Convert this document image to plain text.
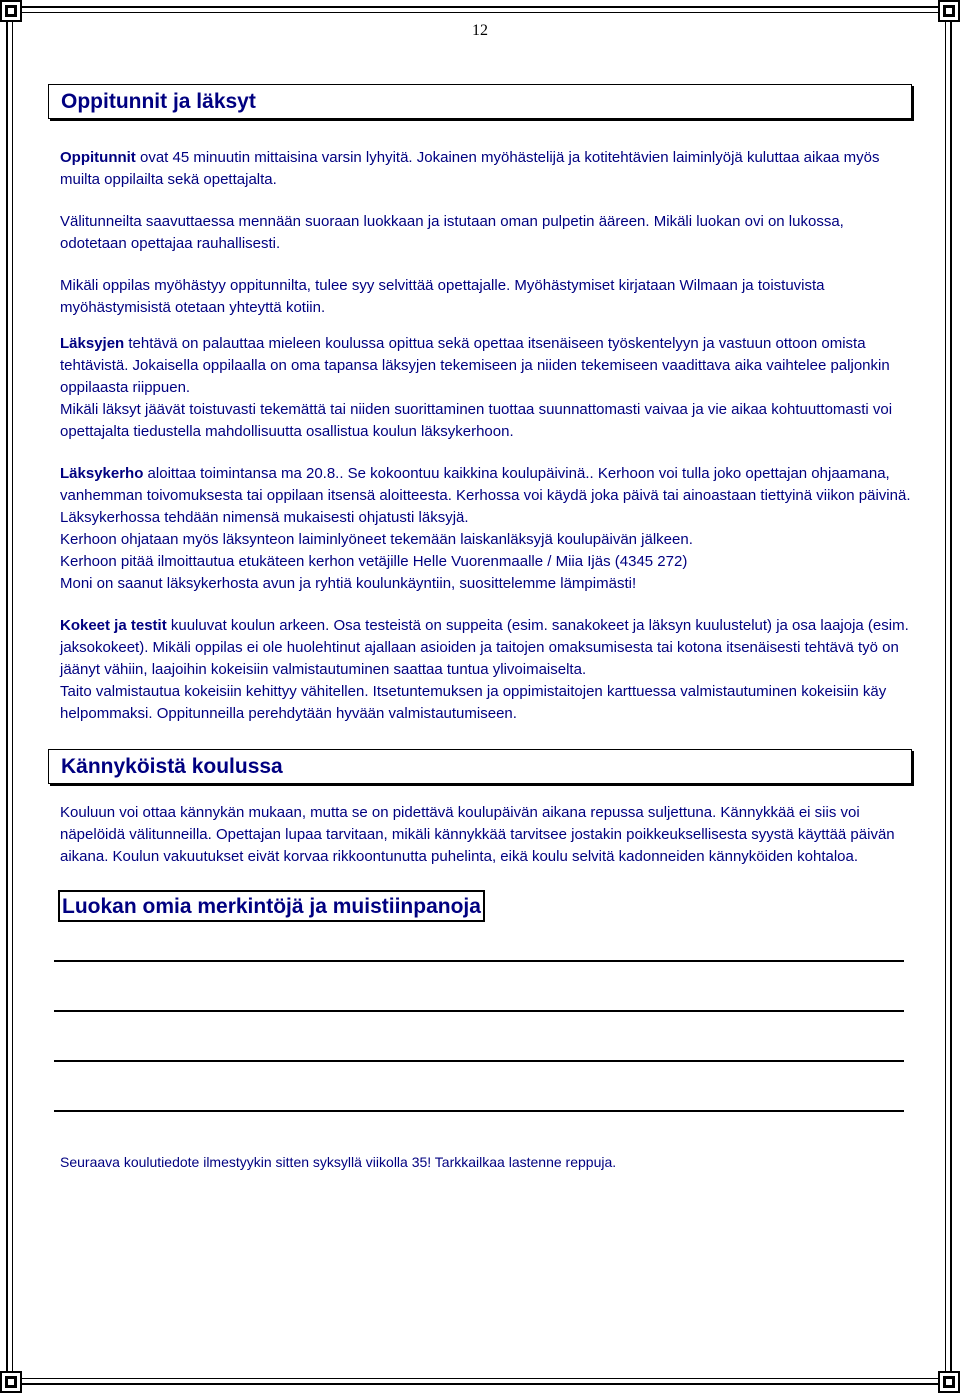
12
Oppitunnit ja läksyt

Oppitunnit ovat 45 minuutin mittaisina varsin lyhyitä. Jokainen myöhästelijä ja kotitehtävien laiminlyöjä kuluttaa aikaa myös muilta oppilailta sekä opettajalta.

Välitunneilta saavuttaessa mennään suoraan luokkaan ja istutaan oman pulpetin ääreen. Mikäli luokan ovi on lukossa, odotetaan opettajaa rauhallisesti.

Mikäli oppilas myöhästyy oppitunnilta, tulee syy selvittää opettajalle. Myöhästymiset kirjataan Wilmaan ja toistuvista myöhästymisistä otetaan yhteyttä kotiin.

Läksyjen tehtävä on palauttaa mieleen koulussa opittua sekä opettaa itsenäiseen työskentelyyn ja vastuun ottoon omista tehtävistä. Jokaisella oppilaalla on oma tapansa läksyjen tekemiseen ja niiden tekemiseen vaadittava aika vaihtelee paljonkin oppilaasta riippuen.

Mikäli läksyt jäävät toistuvasti tekemättä tai niiden suorittaminen tuottaa suunnattomasti vaivaa ja vie aikaa kohtuuttomasti voi opettajalta tiedustella mahdollisuutta osallistua koulun läksykerhoon.

Läksykerho aloittaa toimintansa ma 20.8.. Se kokoontuu kaikkina koulupäivinä.. Kerhoon voi tulla joko opettajan ohjaamana, vanhemman toivomuksesta tai oppilaan itsensä aloitteesta. Kerhossa voi käydä joka päivä tai ainoastaan tiettyinä viikon päivinä.

Läksykerhossa tehdään nimensä mukaisesti ohjatusti läksyjä.

Kerhoon ohjataan myös läksynteon laiminlyöneet tekemään laiskanläksyjä koulupäivän jälkeen.

Kerhoon pitää ilmoittautua etukäteen kerhon vetäjille Helle Vuorenmaalle / Miia Ijäs (4345 272)

Moni on saanut läksykerhosta avun ja ryhtiä koulunkäyntiin, suosittelemme lämpimästi!

Kokeet ja testit kuuluvat koulun arkeen. Osa testeistä on suppeita (esim. sanakokeet ja läksyn kuulustelut) ja osa laajoja (esim. jaksokokeet). Mikäli oppilas ei ole huolehtinut ajallaan asioiden ja taitojen omaksumisesta tai kotona itsenäisesti tehtävä työ on jäänyt vähiin, laajoihin kokeisiin valmistautuminen saattaa tuntua ylivoimaiselta.

Taito valmistautua kokeisiin kehittyy vähitellen. Itsetuntemuksen ja oppimistaitojen karttuessa valmistautuminen kokeisiin käy helpommaksi. Oppitunneilla perehdytään hyvään valmistautumiseen.

Kännyköistä koulussa

Kouluun voi ottaa kännykän mukaan, mutta se on pidettävä koulupäivän aikana repussa suljettuna. Kännykkää ei siis voi näpelöidä välitunneilla. Opettajan lupaa tarvitaan, mikäli kännykkää tarvitsee jostakin poikkeuksellisesta syystä käyttää päivän aikana. Koulun vakuutukset eivät korvaa rikkoontunutta puhelinta, eikä koulu selvitä kadonneiden kännyköiden kohtaloa.

Luokan omia merkintöjä ja muistiinpanoja
Seuraava koulutiedote ilmestyykin sitten syksyllä viikolla 35! Tarkkailkaa lastenne reppuja.
